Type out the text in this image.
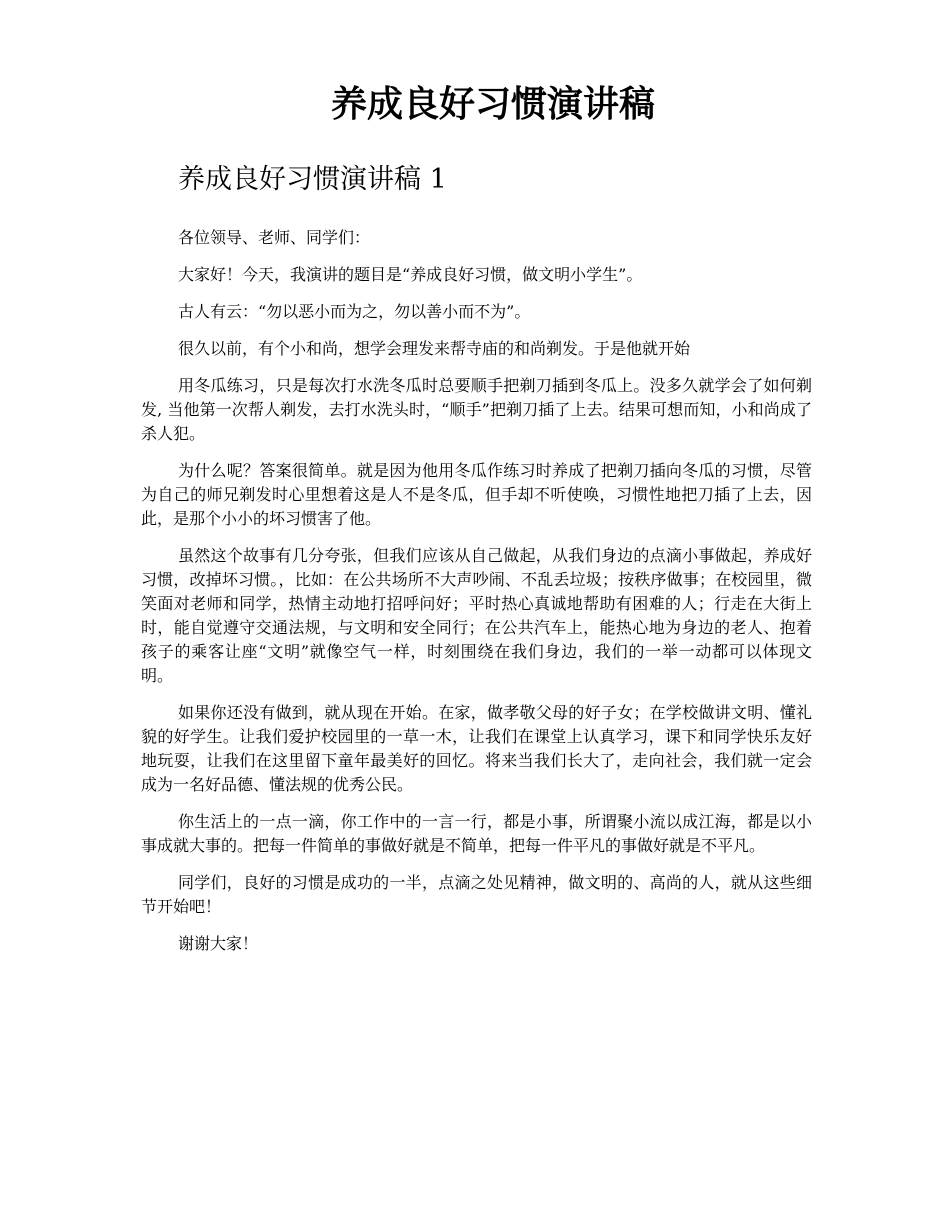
养成良好习惯演讲稿
养成良好习惯演讲稿 1

各位领导、老师、同学们：

大家好！今天，我演讲的题目是“养成良好习惯，做文明小学生”。

古人有云：“勿以恶小而为之，勿以善小而不为”。

很久以前，有个小和尚，想学会理发来帮寺庙的和尚剃发。于是他就开始

用冬瓜练习，只是每次打水洗冬瓜时总要顺手把剃刀插到冬瓜上。没多久就学会了如何剃发, 当他第一次帮人剃发，去打水洗头时，“顺手”把剃刀插了上去。结果可想而知，小和尚成了杀人犯。

为什么呢？答案很简单。就是因为他用冬瓜作练习时养成了把剃刀插向冬瓜的习惯，尽管为自己的师兄剃发时心里想着这是人不是冬瓜，但手却不听使唤，习惯性地把刀插了上去，因此，是那个小小的坏习惯害了他。

虽然这个故事有几分夸张，但我们应该从自己做起，从我们身边的点滴小事做起，养成好习惯，改掉坏习惯。，比如：在公共场所不大声吵闹、不乱丢垃圾；按秩序做事；在校园里，微笑面对老师和同学，热情主动地打招呼问好；平时热心真诚地帮助有困难的人；行走在大街上时，能自觉遵守交通法规，与文明和安全同行；在公共汽车上，能热心地为身边的老人、抱着孩子的乘客让座“文明”就像空气一样，时刻围绕在我们身边，我们的一举一动都可以体现文明。

如果你还没有做到，就从现在开始。在家，做孝敬父母的好子女；在学校做讲文明、懂礼貌的好学生。让我们爱护校园里的一草一木，让我们在课堂上认真学习，课下和同学快乐友好地玩耍，让我们在这里留下童年最美好的回忆。将来当我们长大了，走向社会，我们就一定会成为一名好品德、懂法规的优秀公民。

你生活上的一点一滴，你工作中的一言一行，都是小事，所谓聚小流以成江海，都是以小事成就大事的。把每一件简单的事做好就是不简单，把每一件平凡的事做好就是不平凡。

同学们，良好的习惯是成功的一半，点滴之处见精神，做文明的、高尚的人，就从这些细节开始吧！

谢谢大家！
